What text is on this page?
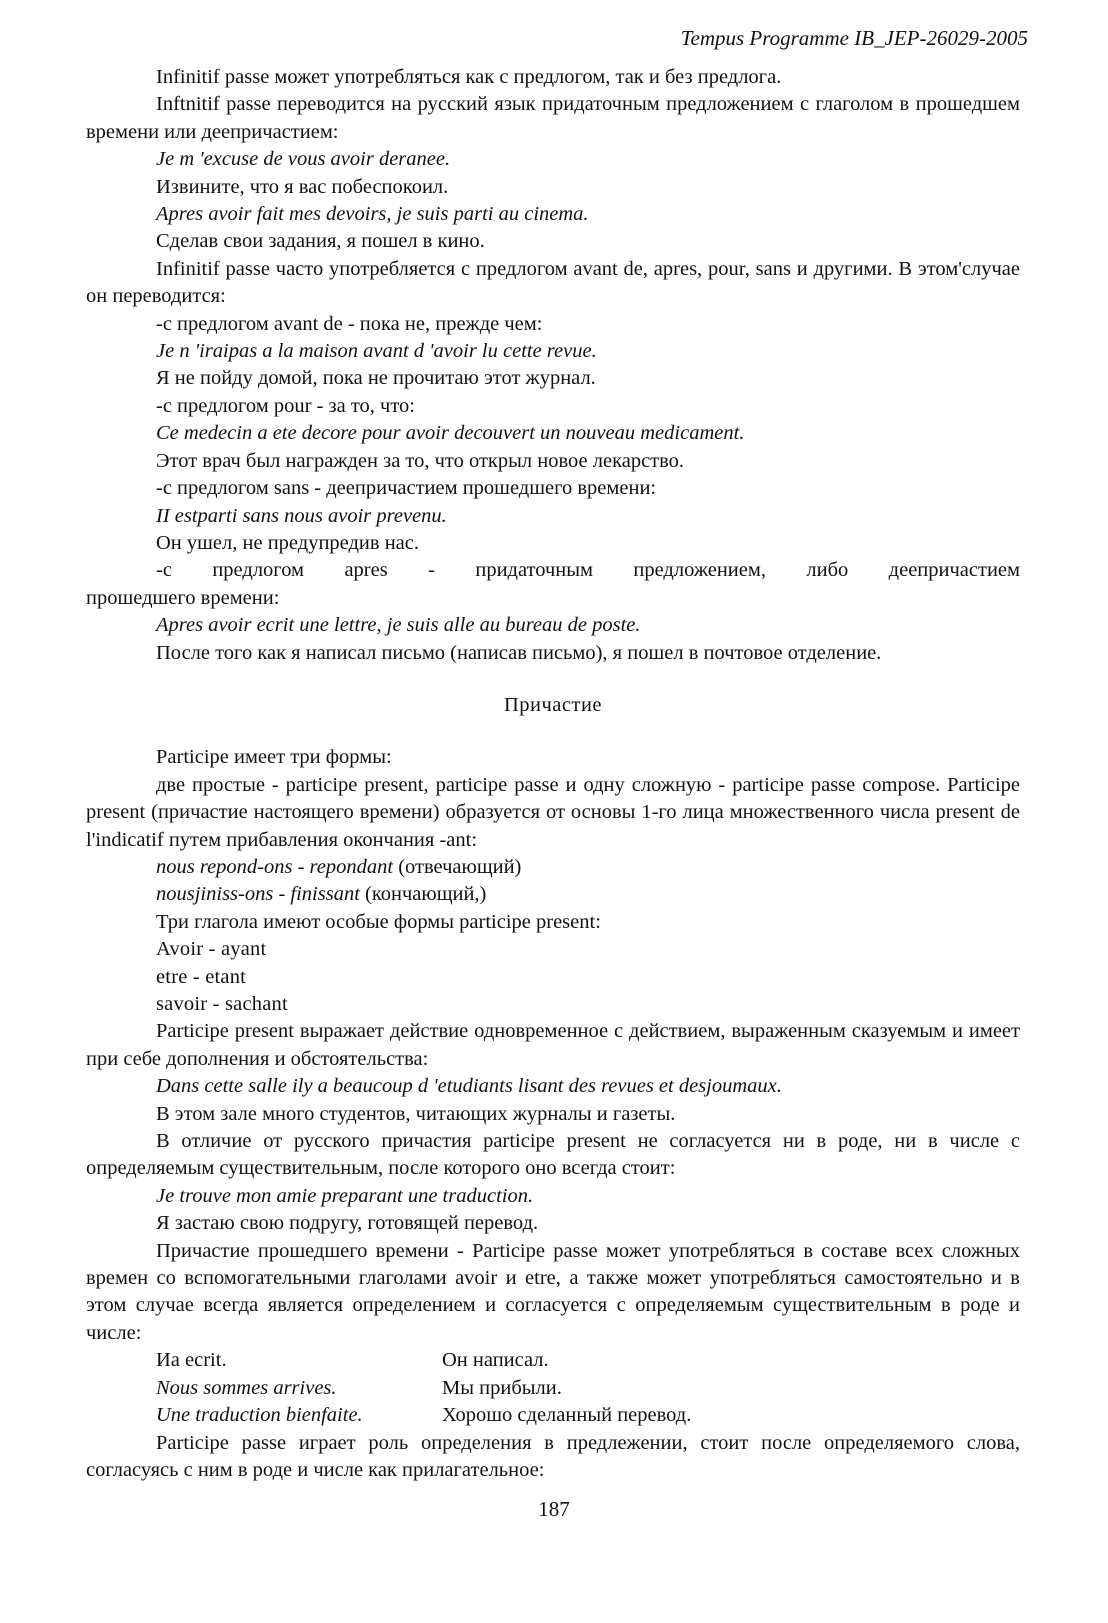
Tempus Programme IB_JEP-26029-2005

Infinitif passe может употребляться как с предлогом, так и без предлога.

Inftnitif passe переводится на русский язык придаточным предложением с глаголом в прошедшем времени или деепричастием:

Je m 'excuse de vous avoir deranee.

Извините, что я вас побеспокоил.

Apres avoir fait mes devoirs, je suis parti au cinema.

Сделав свои задания, я пошел в кино.

Infinitif passe часто употребляется с предлогом avant de, apres, pour, sans и другими. В этом'случае он переводится:

-с предлогом avant de - пока не, прежде чем:

Je n 'iraipas a la maison avant d 'avoir lu cette revue.

Я не пойду домой, пока не прочитаю этот журнал.

-с предлогом pour - за то, что:

Ce medecin a ete decore pour avoir decouvert un nouveau medicament.

Этот врач был награжден за то, что открыл новое лекарство.

-с предлогом sans - деепричастием прошедшего времени:

II estparti sans nous avoir prevenu.

Он ушел, не предупредив нас.

-с предлогом apres - придаточным предложением, либо деепричастием

прошедшего времени:

Apres avoir ecrit une lettre, je suis alle au bureau de poste.

После того как я написал письмо (написав письмо), я пошел в почтовое отделение.

Причастие

Participe имеет три формы:

две простые - participe present, participe passe и одну сложную - participe passe compose. Participe present (причастие настоящего времени) образуется от основы 1-го лица множественного числа present de l'indicatif путем прибавления окончания -ant:

nous repond-ons - repondant (отвечающий)

nousjiniss-ons - finissant (кончающий,)

Три глагола имеют особые формы participe present:

Avoir - ayant

etre - etant

savoir - sachant

Participe present выражает действие одновременное с действием, выраженным сказуемым и имеет при себе дополнения и обстоятельства:

Dans cette salle ily a beaucoup d 'etudiants lisant des revues et desjoumaux.

В этом зале много студентов, читающих журналы и газеты.

В отличие от русского причастия participe present не согласуется ни в роде, ни в числе с определяемым существительным, после которого оно всегда стоит:

Je trouve mon amie preparant une traduction.

Я застаю свою подругу, готовящей перевод.

Причастие прошедшего времени - Participe passe может употребляться в составе всех сложных времен со вспомогательными глаголами avoir и etre, а также может употребляться самостоятельно и в этом случае всегда является определением и согласуется с определяемым существительным в роде и числе:

Иа ecrit.	Он написал.
Nous sommes arrives.	Мы прибыли.
Une traduction bienfaite.	Хорошо сделанный перевод.

Participe passe играет роль определения в предлежении, стоит после определяемого слова, согласуясь с ним в роде и числе как прилагательное:

187
